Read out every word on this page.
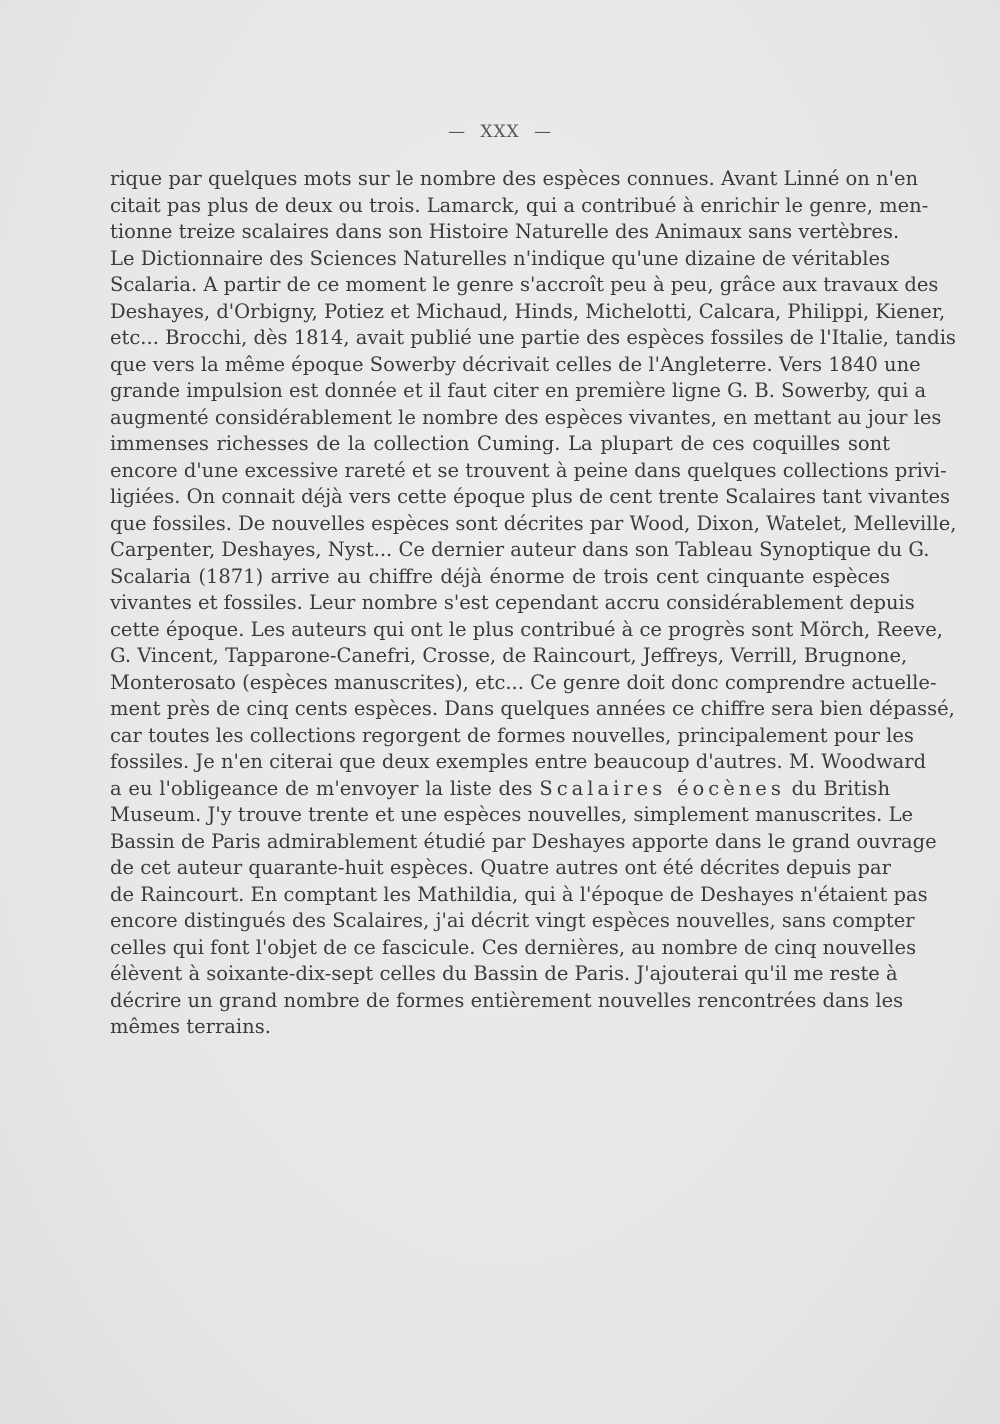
— XXX —
rique par quelques mots sur le nombre des espèces connues. Avant Linné on n'en
citait pas plus de deux ou trois. Lamarck, qui a contribué à enrichir le genre, men-
tionne treize scalaires dans son Histoire Naturelle des Animaux sans vertèbres.
Le Dictionnaire des Sciences Naturelles n'indique qu'une dizaine de véritables
Scalaria. A partir de ce moment le genre s'accroît peu à peu, grâce aux travaux des
Deshayes, d'Orbigny, Potiez et Michaud, Hinds, Michelotti, Calcara, Philippi, Kiener,
etc... Brocchi, dès 1814, avait publié une partie des espèces fossiles de l'Italie, tandis
que vers la même époque Sowerby décrivait celles de l'Angleterre. Vers 1840 une
grande impulsion est donnée et il faut citer en première ligne G. B. Sowerby, qui a
augmenté considérablement le nombre des espèces vivantes, en mettant au jour les
immenses richesses de la collection Cuming. La plupart de ces coquilles sont
encore d'une excessive rareté et se trouvent à peine dans quelques collections privi-
ligiées. On connait déjà vers cette époque plus de cent trente Scalaires tant vivantes
que fossiles. De nouvelles espèces sont décrites par Wood, Dixon, Watelet, Melleville,
Carpenter, Deshayes, Nyst... Ce dernier auteur dans son Tableau Synoptique du G.
Scalaria (1871) arrive au chiffre déjà énorme de trois cent cinquante espèces
vivantes et fossiles. Leur nombre s'est cependant accru considérablement depuis
cette époque. Les auteurs qui ont le plus contribué à ce progrès sont Mörch, Reeve,
G. Vincent, Tapparone-Canefri, Crosse, de Raincourt, Jeffreys, Verrill, Brugnone,
Monterosato (espèces manuscrites), etc... Ce genre doit donc comprendre actuelle-
ment près de cinq cents espèces. Dans quelques années ce chiffre sera bien dépassé,
car toutes les collections regorgent de formes nouvelles, principalement pour les
fossiles. Je n'en citerai que deux exemples entre beaucoup d'autres. M. Woodward
a eu l'obligeance de m'envoyer la liste des Scalaires éocènes du British
Museum. J'y trouve trente et une espèces nouvelles, simplement manuscrites. Le
Bassin de Paris admirablement étudié par Deshayes apporte dans le grand ouvrage
de cet auteur quarante-huit espèces. Quatre autres ont été décrites depuis par
de Raincourt. En comptant les Mathildia, qui à l'époque de Deshayes n'étaient pas
encore distingués des Scalaires, j'ai décrit vingt espèces nouvelles, sans compter
celles qui font l'objet de ce fascicule. Ces dernières, au nombre de cinq nouvelles
élèvent à soixante-dix-sept celles du Bassin de Paris. J'ajouterai qu'il me reste à
décrire un grand nombre de formes entièrement nouvelles rencontrées dans les
mêmes terrains.
